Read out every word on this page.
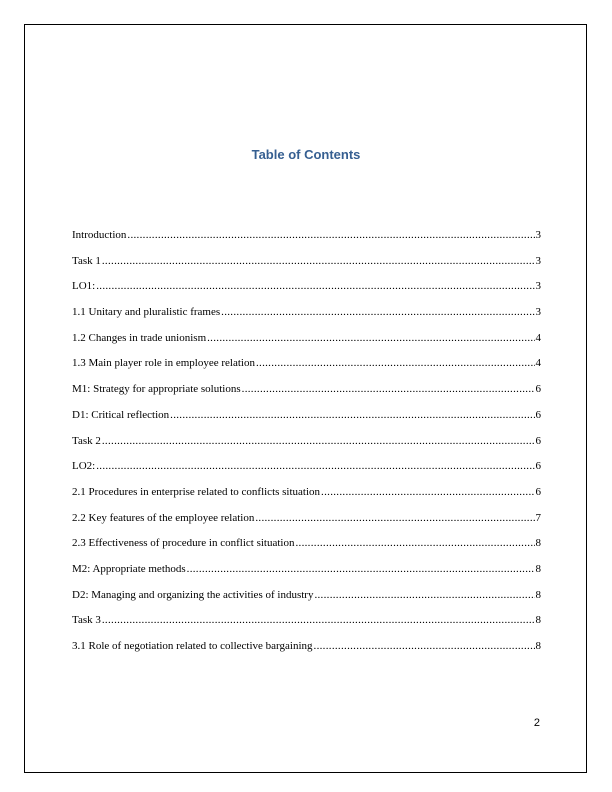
Table of Contents
Introduction .....	3
Task 1 .....	3
LO1: .....	3
1.1 Unitary and pluralistic frames .....	3
1.2 Changes in trade unionism .....	4
1.3 Main player role in employee relation .....	4
M1: Strategy for appropriate solutions .....	6
D1: Critical reflection .....	6
Task 2 .....	6
LO2: .....	6
2.1 Procedures in enterprise related to conflicts situation .....	6
2.2 Key features of the employee relation .....	7
2.3 Effectiveness of procedure in conflict situation .....	8
M2: Appropriate methods .....	8
D2: Managing and organizing the activities of industry .....	8
Task 3 .....	8
3.1 Role of negotiation related to collective bargaining .....	8
2
